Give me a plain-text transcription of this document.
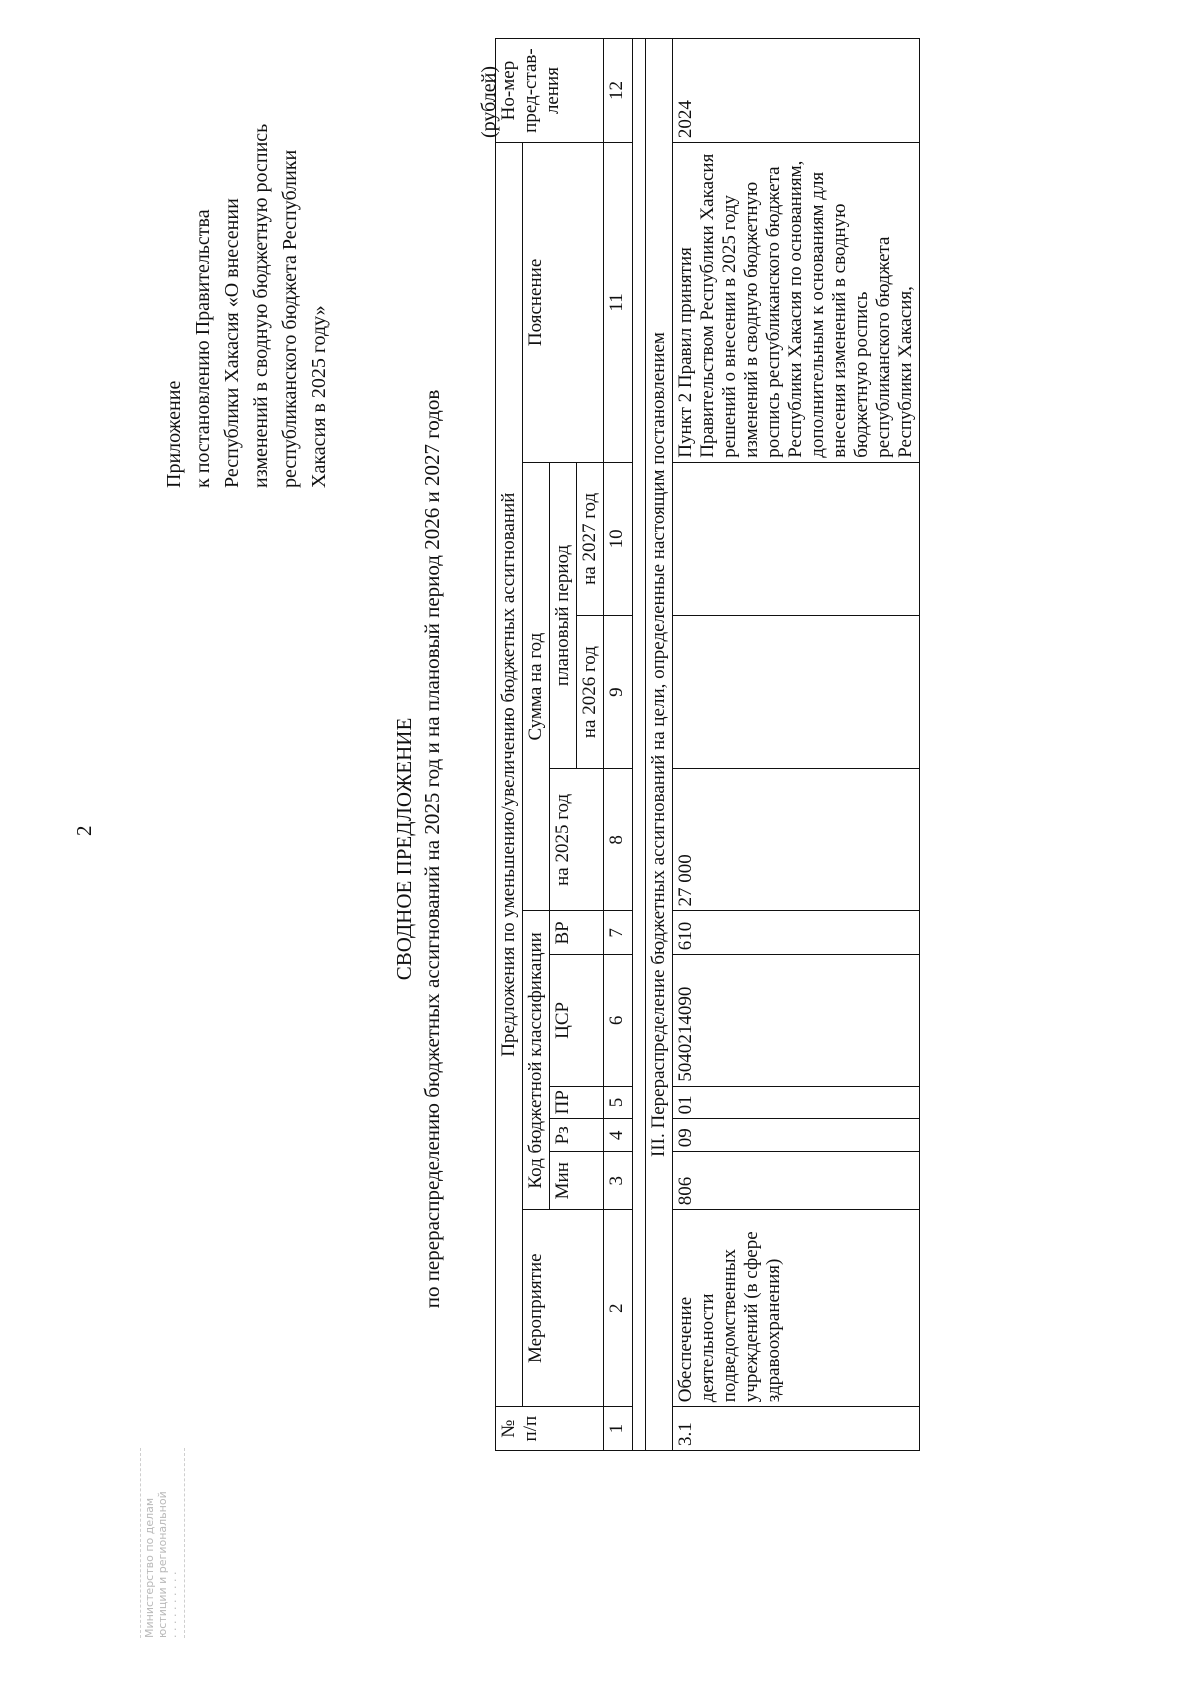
2
Министерство по делам юстиции и региональной · · · · · · · · · ·
Приложение к постановлению Правительства Республики Хакасия «О внесении изменений в сводную бюджетную роспись республиканского бюджета Республики Хакасия в 2025 году»
СВОДНОЕ ПРЕДЛОЖЕНИЕ по перераспределению бюджетных ассигнований на 2025 год и на плановый период 2026 и 2027 годов
(рублей)
№ п/п	Предложения по уменьшению/увеличению бюджетных ассигнований										Но-мер пред-став-ления
	Мероприятие	Код бюджетной классификации					Сумма на год			Пояснение	
		Мин	Рз	ПР	ЦСР	ВР	на 2025 год	плановый период			
								на 2026 год	на 2027 год		
1	2	3	4	5	6	7	8	9	10	11	12

III. Перераспределение бюджетных ассигнований на цели, определенные настоящим постановлением											
3.1	Обеспечение деятельности подведомственных учреждений (в сфере здравоохранения)	806	09	01	5040214090	610	27 000			Пункт 2 Правил принятия Правительством Республики Хакасия решений о внесении в 2025 году изменений в сводную бюджетную роспись республиканского бюджета Республики Хакасия по основаниям, дополнительным к основаниям для внесения изменений в сводную бюджетную роспись республиканского бюджета Республики Хакасия,	2024
